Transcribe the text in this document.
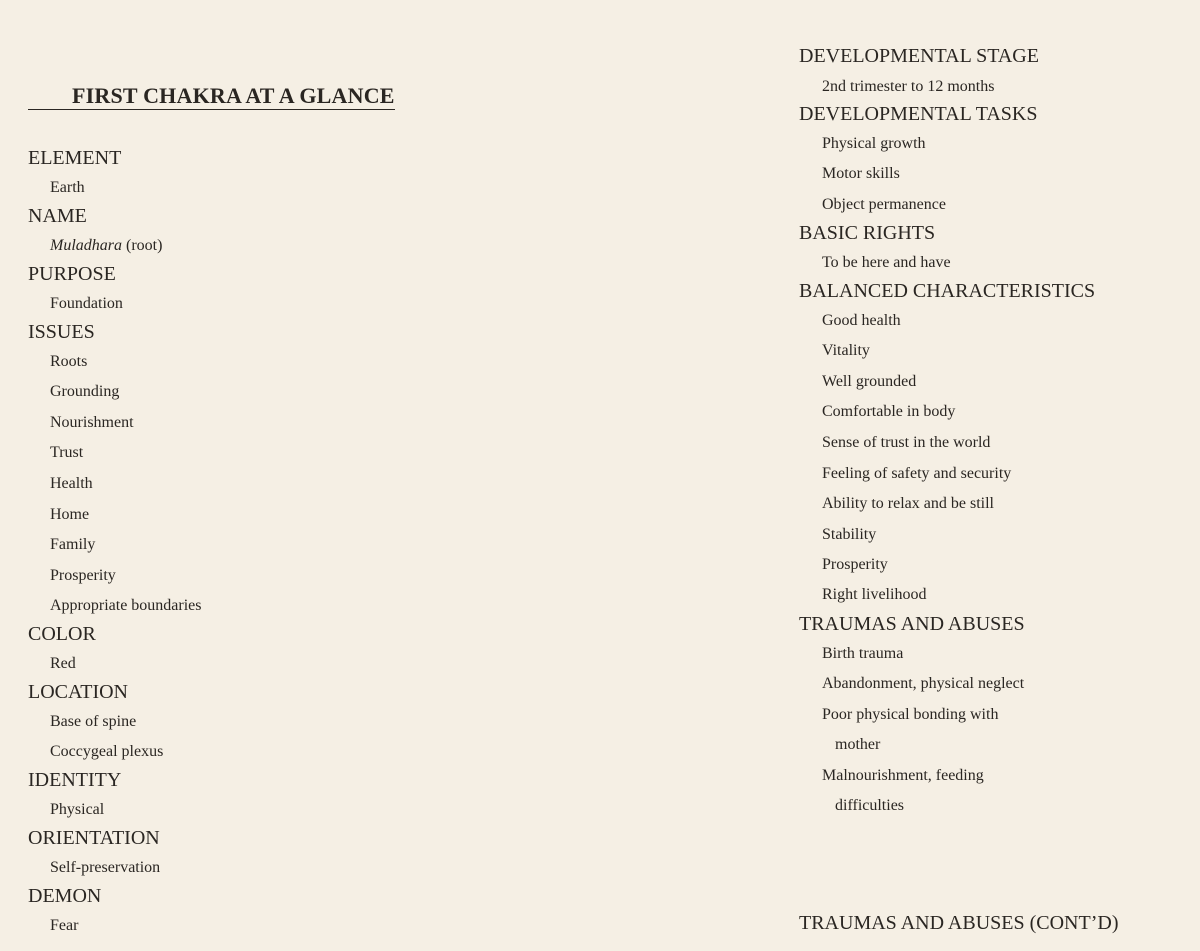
FIRST CHAKRA AT A GLANCE
ELEMENT
Earth
NAME
Muladhara (root)
PURPOSE
Foundation
ISSUES
Roots
Grounding
Nourishment
Trust
Health
Home
Family
Prosperity
Appropriate boundaries
COLOR
Red
LOCATION
Base of spine
Coccygeal plexus
IDENTITY
Physical
ORIENTATION
Self-preservation
DEMON
Fear
DEVELOPMENTAL STAGE
2nd trimester to 12 months
DEVELOPMENTAL TASKS
Physical growth
Motor skills
Object permanence
BASIC RIGHTS
To be here and have
BALANCED CHARACTERISTICS
Good health
Vitality
Well grounded
Comfortable in body
Sense of trust in the world
Feeling of safety and security
Ability to relax and be still
Stability
Prosperity
Right livelihood
TRAUMAS AND ABUSES
Birth trauma
Abandonment, physical neglect
Poor physical bonding with
mother
Malnourishment, feeding
difficulties
TRAUMAS AND ABUSES (CONT’D)
